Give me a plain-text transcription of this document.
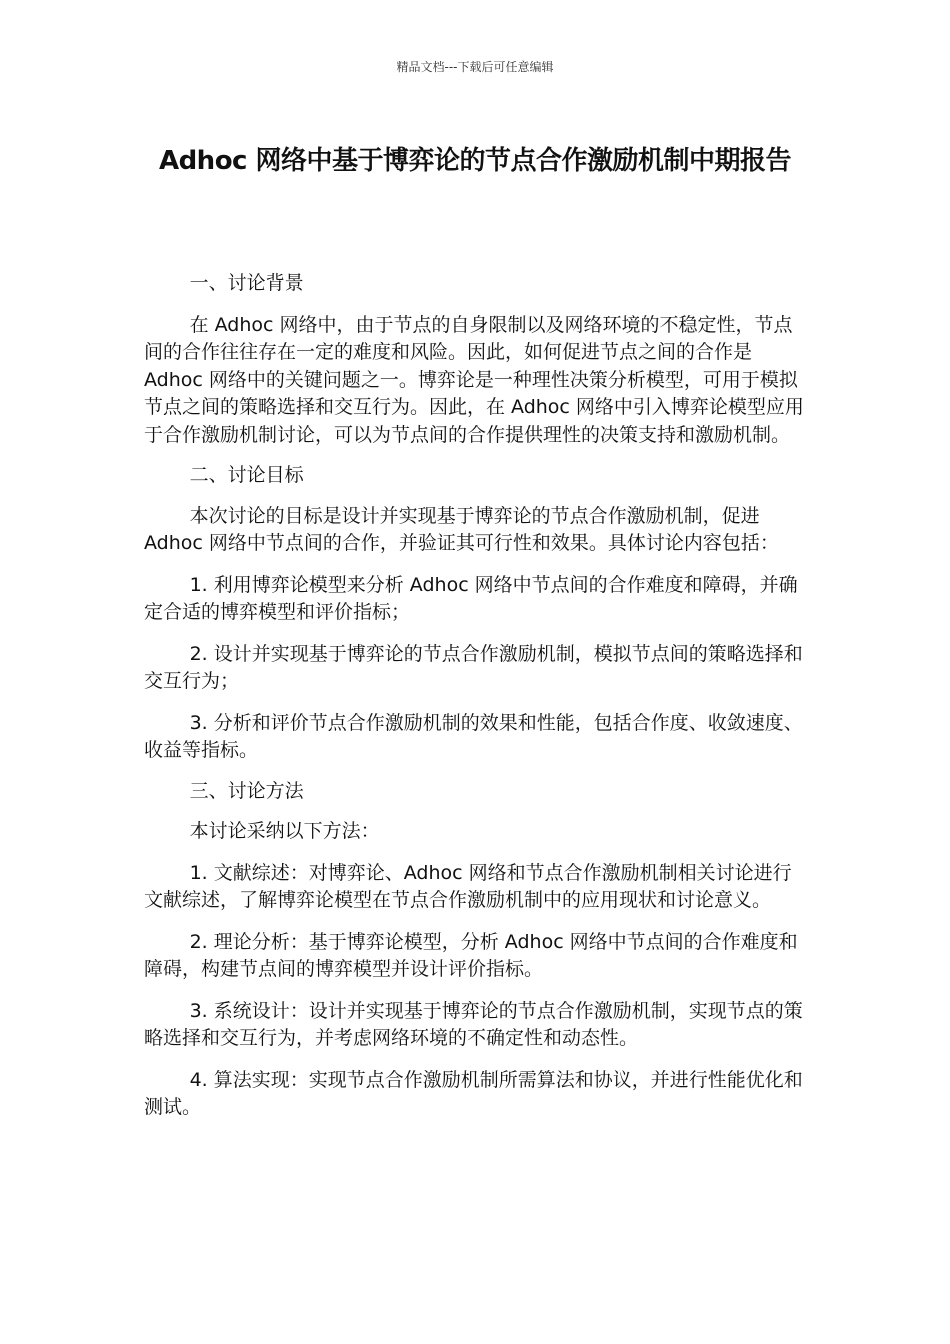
精品文档---下载后可任意编辑
Adhoc 网络中基于博弈论的节点合作激励机制中期报告

一、讨论背景

在 Adhoc 网络中，由于节点的自身限制以及网络环境的不稳定性，节点间的合作往往存在一定的难度和风险。因此，如何促进节点之间的合作是 Adhoc 网络中的关键问题之一。博弈论是一种理性决策分析模型，可用于模拟节点之间的策略选择和交互行为。因此，在 Adhoc 网络中引入博弈论模型应用于合作激励机制讨论，可以为节点间的合作提供理性的决策支持和激励机制。

二、讨论目标

本次讨论的目标是设计并实现基于博弈论的节点合作激励机制，促进 Adhoc 网络中节点间的合作，并验证其可行性和效果。具体讨论内容包括：

1. 利用博弈论模型来分析 Adhoc 网络中节点间的合作难度和障碍，并确定合适的博弈模型和评价指标；

2. 设计并实现基于博弈论的节点合作激励机制，模拟节点间的策略选择和交互行为；

3. 分析和评价节点合作激励机制的效果和性能，包括合作度、收敛速度、收益等指标。

三、讨论方法

本讨论采纳以下方法：

1. 文献综述：对博弈论、Adhoc 网络和节点合作激励机制相关讨论进行文献综述，了解博弈论模型在节点合作激励机制中的应用现状和讨论意义。

2. 理论分析：基于博弈论模型，分析 Adhoc 网络中节点间的合作难度和障碍，构建节点间的博弈模型并设计评价指标。

3. 系统设计：设计并实现基于博弈论的节点合作激励机制，实现节点的策略选择和交互行为，并考虑网络环境的不确定性和动态性。

4. 算法实现：实现节点合作激励机制所需算法和协议，并进行性能优化和测试。
